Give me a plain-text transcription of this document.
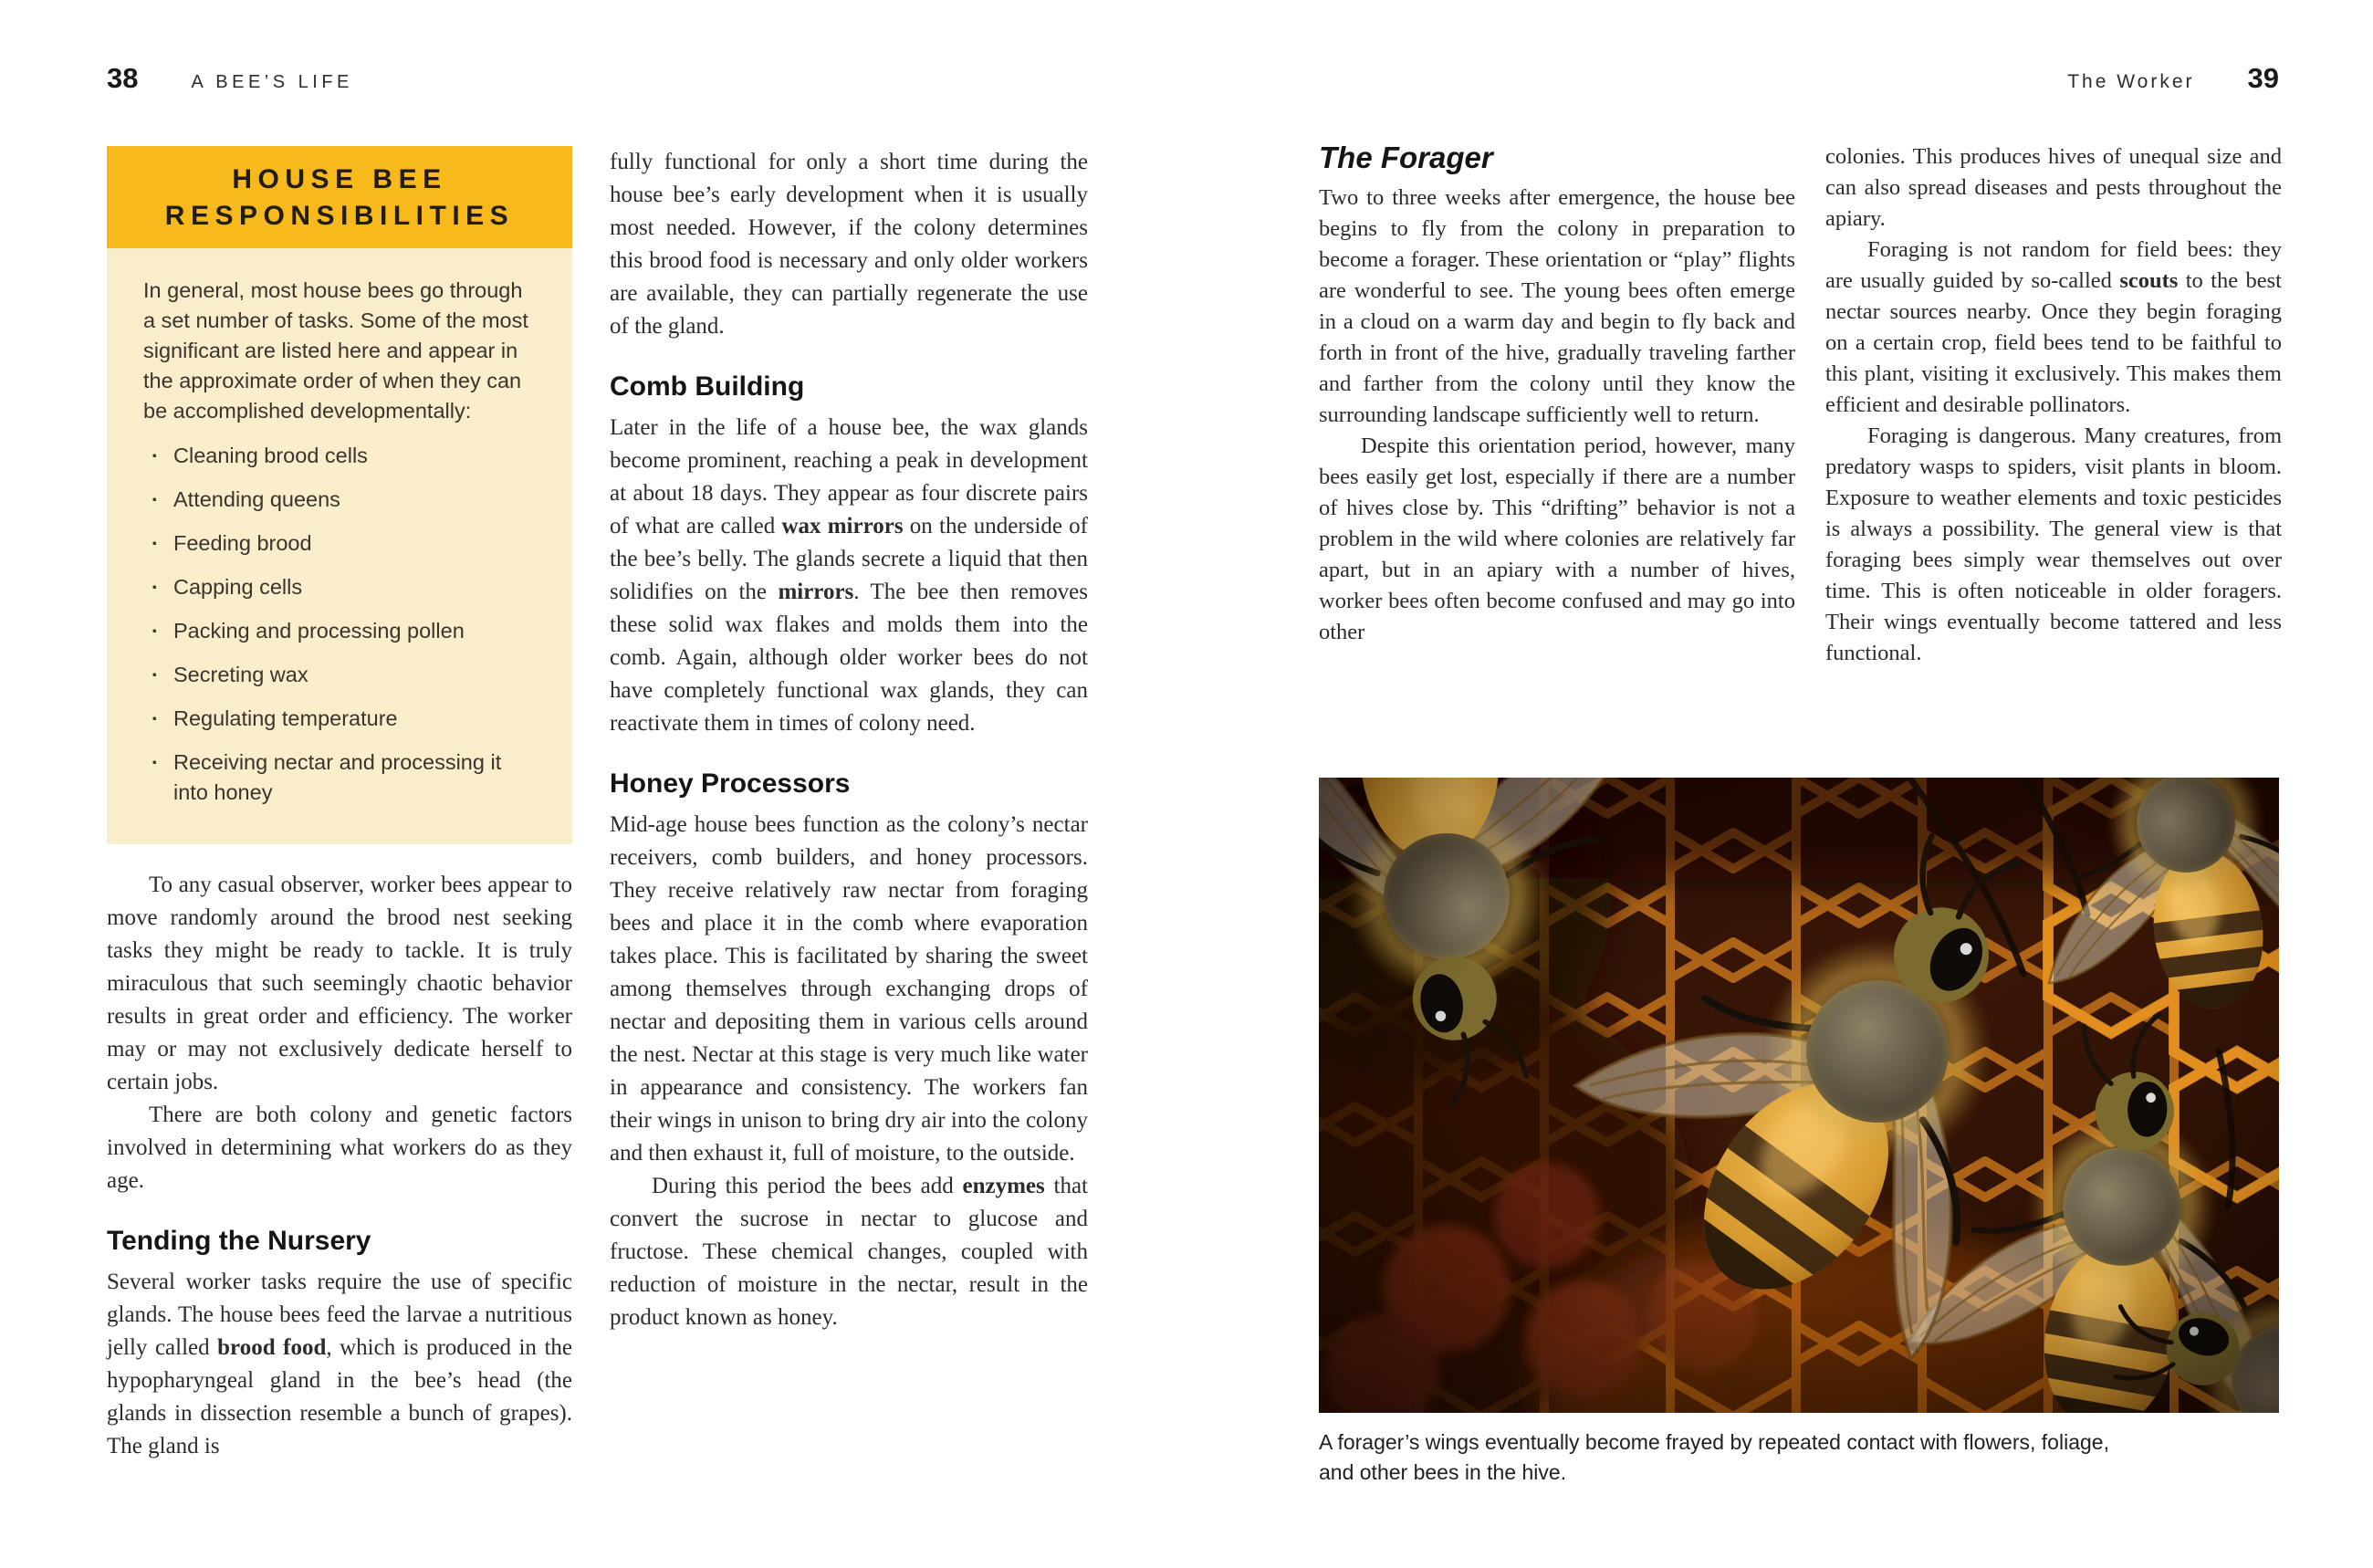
38	A BEE’S LIFE
HOUSE BEE
RESPONSIBILITIES
In general, most house bees go through a set number of tasks. Some of the most significant are listed here and appear in the approximate order of when they can be accomplished developmentally:
· Cleaning brood cells
· Attending queens
· Feeding brood
· Capping cells
· Packing and processing pollen
· Secreting wax
· Regulating temperature
· Receiving nectar and processing it into honey

To any casual observer, worker bees appear to move randomly around the brood nest seeking tasks they might be ready to tackle. It is truly miraculous that such seemingly chaotic behavior results in great order and efficiency. The worker may or may not exclusively dedicate herself to certain jobs.

There are both colony and genetic factors involved in determining what workers do as they age.

Tending the Nursery

Several worker tasks require the use of specific glands. The house bees feed the larvae a nutritious jelly called brood food, which is produced in the hypopharyngeal gland in the bee’s head (the glands in dissection resemble a bunch of grapes). The gland is

fully functional for only a short time during the house bee’s early development when it is usually most needed. However, if the colony determines this brood food is necessary and only older workers are available, they can partially regenerate the use of the gland.

Comb Building

Later in the life of a house bee, the wax glands become prominent, reaching a peak in development at about 18 days. They appear as four discrete pairs of what are called wax mirrors on the underside of the bee’s belly. The glands secrete a liquid that then solidifies on the mirrors. The bee then removes these solid wax flakes and molds them into the comb. Again, although older worker bees do not have completely functional wax glands, they can reactivate them in times of colony need.

Honey Processors

Mid-age house bees function as the colony’s nectar receivers, comb builders, and honey processors. They receive relatively raw nectar from foraging bees and place it in the comb where evaporation takes place. This is facilitated by sharing the sweet among themselves through exchanging drops of nectar and depositing them in various cells around the nest. Nectar at this stage is very much like water in appearance and consistency. The workers fan their wings in unison to bring dry air into the colony and then exhaust it, full of moisture, to the outside.

During this period the bees add enzymes that convert the sucrose in nectar to glucose and fructose. These chemical changes, coupled with reduction of moisture in the nectar, result in the product known as honey.

The Worker 39
The Forager

Two to three weeks after emergence, the house bee begins to fly from the colony in preparation to become a forager. These orientation or “play” flights are wonderful to see. The young bees often emerge in a cloud on a warm day and begin to fly back and forth in front of the hive, gradually traveling farther and farther from the colony until they know the surrounding landscape sufficiently well to return.

Despite this orientation period, however, many bees easily get lost, especially if there are a number of hives close by. This “drifting” behavior is not a problem in the wild where colonies are relatively far apart, but in an apiary with a number of hives, worker bees often become confused and may go into other

colonies. This produces hives of unequal size and can also spread diseases and pests throughout the apiary.

Foraging is not random for field bees: they are usually guided by so-called scouts to the best nectar sources nearby. Once they begin foraging on a certain crop, field bees tend to be faithful to this plant, visiting it exclusively. This makes them efficient and desirable pollinators.

Foraging is dangerous. Many creatures, from predatory wasps to spiders, visit plants in bloom. Exposure to weather elements and toxic pesticides is always a possibility. The general view is that foraging bees simply wear themselves out over time. This is often noticeable in older foragers. Their wings eventually become tattered and less functional.

A forager’s wings eventually become frayed by repeated contact with flowers, foliage, and other bees in the hive.
